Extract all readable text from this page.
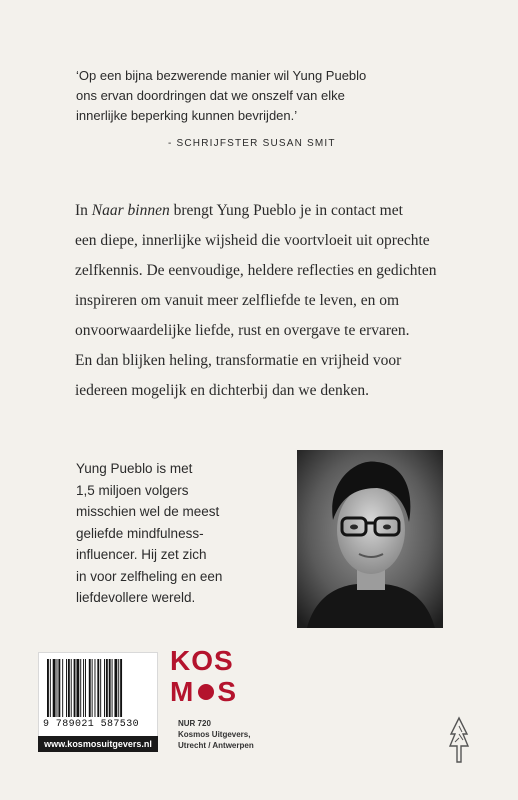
‘Op een bijna bezwerende manier wil Yung Pueblo
ons ervan doordringen dat we onszelf van elke
innerlijke beperking kunnen bevrijden.’
- SCHRIJFSTER SUSAN SMIT
In Naar binnen brengt Yung Pueblo je in contact met
een diepe, innerlijke wijsheid die voortvloeit uit oprechte
zelfkennis. De eenvoudige, heldere reflecties en gedichten
inspireren om vanuit meer zelfliefde te leven, en om
onvoorwaardelijke liefde, rust en overgave te ervaren.
En dan blijken heling, transformatie en vrijheid voor
iedereen mogelijk en dichterbij dan we denken.
Yung Pueblo is met
1,5 miljoen volgers
misschien wel de meest
geliefde mindfulness-
influencer. Hij zet zich
in voor zelfheling en een
liefdevollere wereld.
9 789021 587530
www.kosmosuitgevers.nl
KOS
M S
NUR 720
Kosmos Uitgevers,
Utrecht / Antwerpen
